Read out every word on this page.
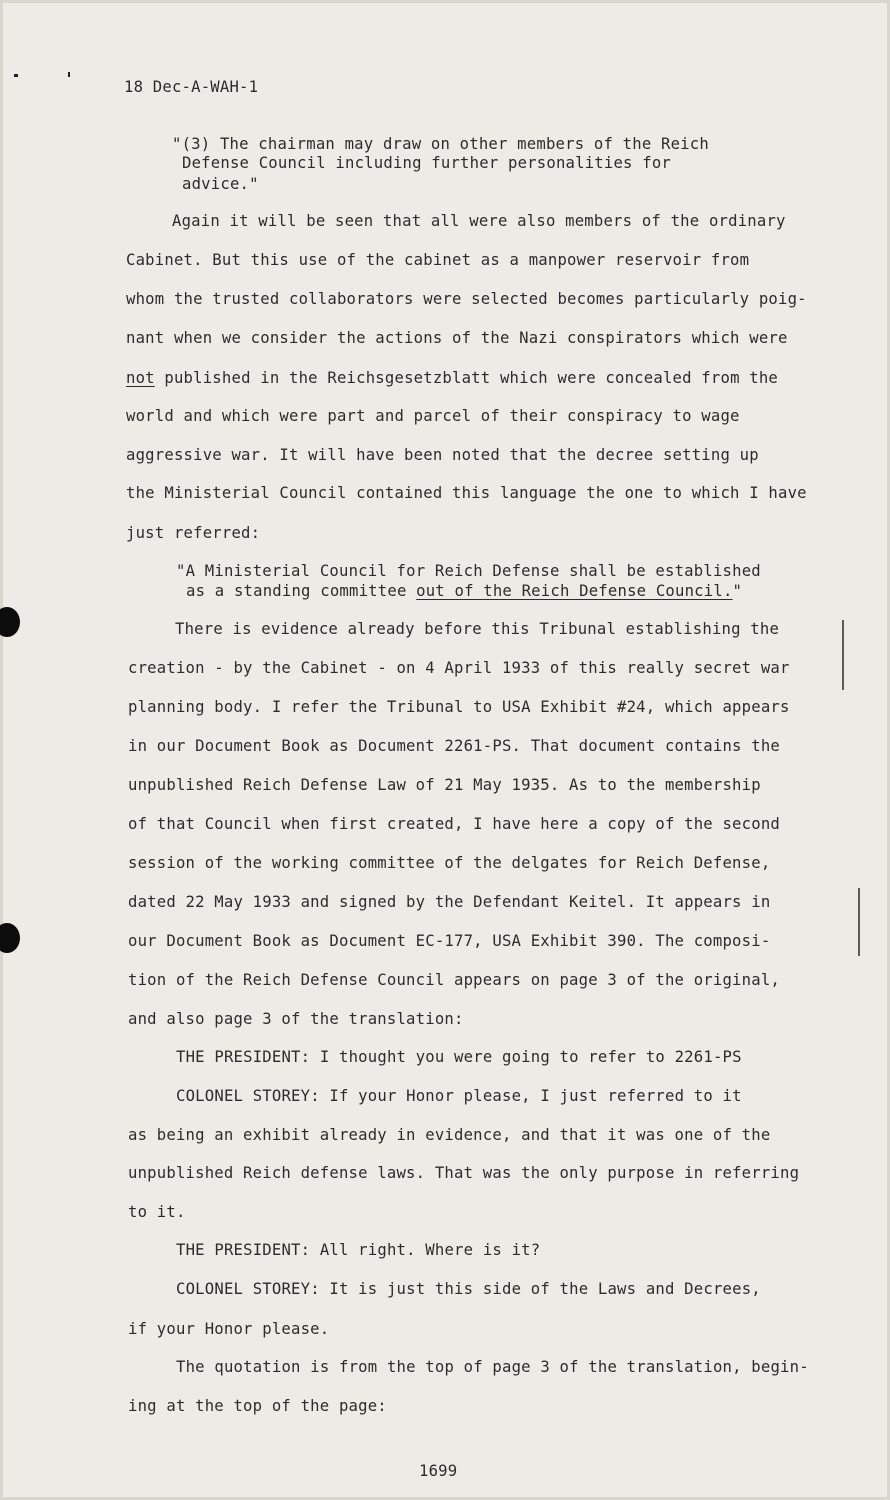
18 Dec-A-WAH-1
"(3) The chairman may draw on other members of the Reich
Defense Council including further personalities for
advice."
Again it will be seen that all were also members of the ordinary
Cabinet. But this use of the cabinet as a manpower reservoir from
whom the trusted collaborators were selected becomes particularly poig-
nant when we consider the actions of the Nazi conspirators which were
not published in the Reichsgesetzblatt which were concealed from the
world and which were part and parcel of their conspiracy to wage
aggressive war. It will have been noted that the decree setting up
the Ministerial Council contained this language the one to which I have
just referred:
"A Ministerial Council for Reich Defense shall be established
as a standing committee out of the Reich Defense Council."
There is evidence already before this Tribunal establishing the
creation - by the Cabinet - on 4 April 1933 of this really secret war
planning body. I refer the Tribunal to USA Exhibit #24, which appears
in our Document Book as Document 2261-PS. That document contains the
unpublished Reich Defense Law of 21 May 1935. As to the membership
of that Council when first created, I have here a copy of the second
session of the working committee of the delgates for Reich Defense,
dated 22 May 1933 and signed by the Defendant Keitel. It appears in
our Document Book as Document EC-177, USA Exhibit 390. The composi-
tion of the Reich Defense Council appears on page 3 of the original,
and also page 3 of the translation:
THE PRESIDENT: I thought you were going to refer to 2261-PS
COLONEL STOREY: If your Honor please, I just referred to it
as being an exhibit already in evidence, and that it was one of the
unpublished Reich defense laws. That was the only purpose in referring
to it.
THE PRESIDENT: All right. Where is it?
COLONEL STOREY: It is just this side of the Laws and Decrees,
if your Honor please.
The quotation is from the top of page 3 of the translation, begin-
ing at the top of the page:
1699
